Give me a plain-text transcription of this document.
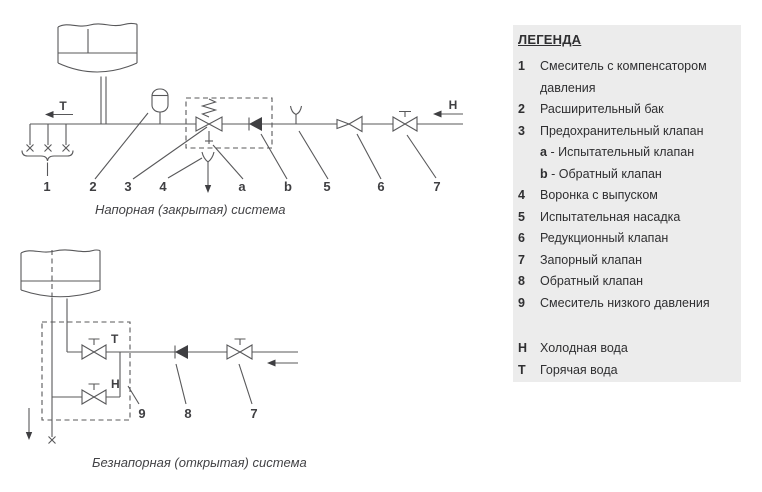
T	H
1	2 3 4	a	b 5	6	7
Напорная (закрытая) система
T
H
9	8	7
Безнапорная (открытая) система
ЛЕГЕНДА
1	Смеситель с компенсатором давления
2	Расширительный бак
3	Предохранительный клапан
a - Испытательный клапан
b - Обратный клапан
4	Воронка с выпуском
5	Испытательная насадка
6	Редукционный клапан
7	Запорный клапан
8	Обратный клапан
9	Смеситель низкого давления
H	Холодная вода
T	Горячая вода
